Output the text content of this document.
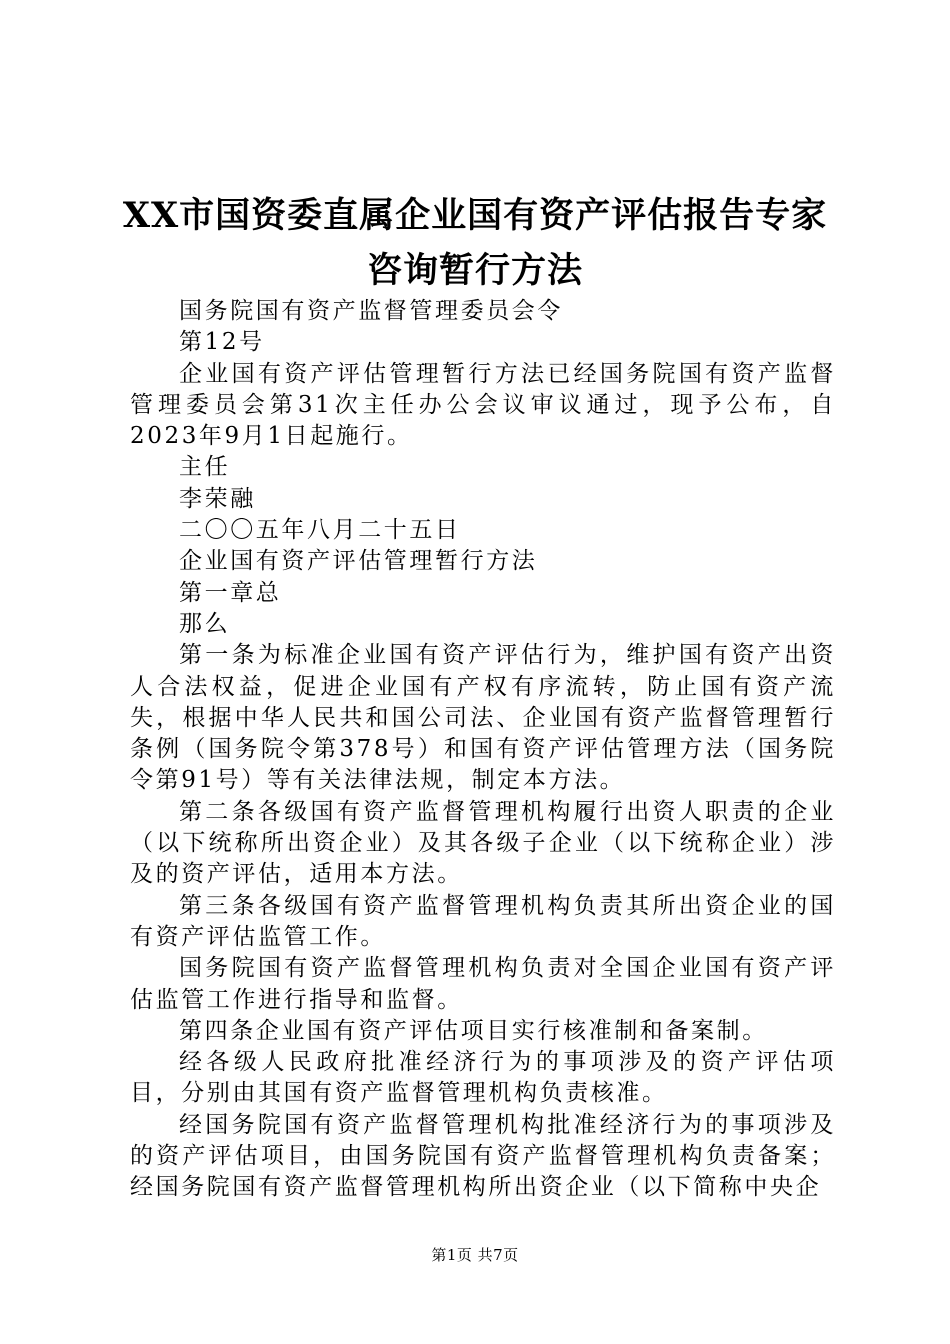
XX市国资委直属企业国有资产评估报告专家
咨询暂行方法

国务院国有资产监督管理委员会令

第12号

企业国有资产评估管理暂行方法已经国务院国有资产监督管理委员会第31次主任办公会议审议通过，现予公布，自2023年9月1日起施行。

主任

李荣融

二〇〇五年八月二十五日

企业国有资产评估管理暂行方法

第一章总

那么

第一条为标准企业国有资产评估行为，维护国有资产出资人合法权益，促进企业国有产权有序流转，防止国有资产流失，根据中华人民共和国公司法、企业国有资产监督管理暂行条例（国务院令第378号）和国有资产评估管理方法（国务院令第91号）等有关法律法规，制定本方法。

第二条各级国有资产监督管理机构履行出资人职责的企业（以下统称所出资企业）及其各级子企业（以下统称企业）涉及的资产评估，适用本方法。

第三条各级国有资产监督管理机构负责其所出资企业的国有资产评估监管工作。

国务院国有资产监督管理机构负责对全国企业国有资产评估监管工作进行指导和监督。

第四条企业国有资产评估项目实行核准制和备案制。

经各级人民政府批准经济行为的事项涉及的资产评估项目，分别由其国有资产监督管理机构负责核准。

经国务院国有资产监督管理机构批准经济行为的事项涉及的资产评估项目，由国务院国有资产监督管理机构负责备案；经国务院国有资产监督管理机构所出资企业（以下简称中央企

第1页 共7页
